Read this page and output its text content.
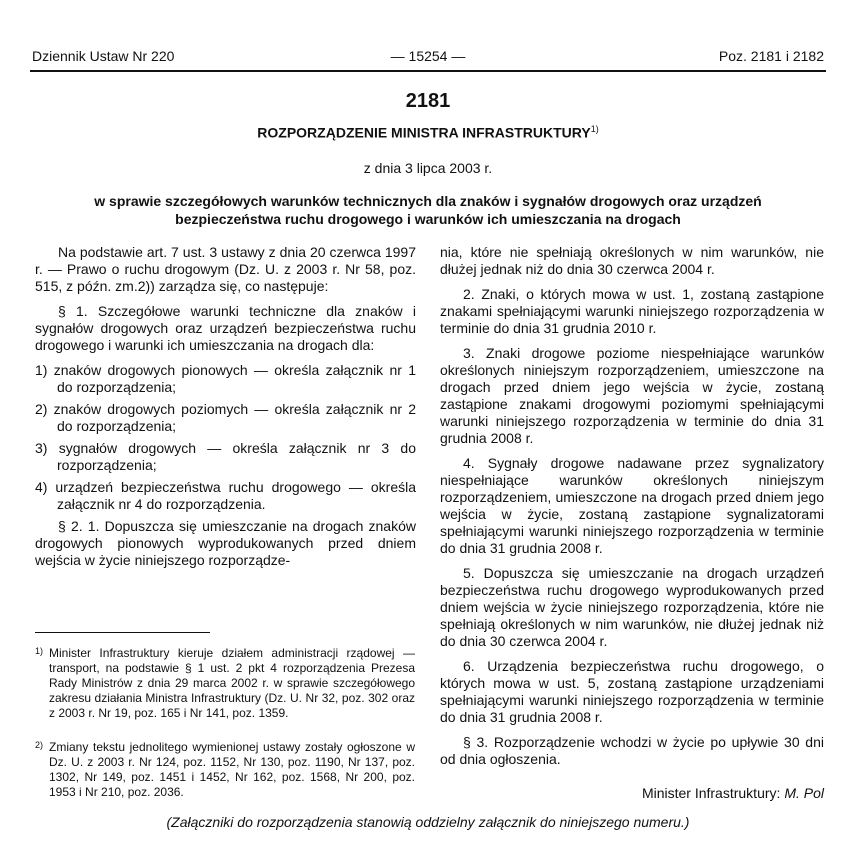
Dziennik Ustaw Nr 220	— 15254 —	Poz. 2181 i 2182
2181
ROZPORZĄDZENIE MINISTRA INFRASTRUKTURY$^{1)}$
z dnia 3 lipca 2003 r.
w sprawie szczegółowych warunków technicznych dla znaków i sygnałów drogowych oraz urządzeń bezpieczeństwa ruchu drogowego i warunków ich umieszczania na drogach

Na podstawie art. 7 ust. 3 ustawy z dnia 20 czerwca 1997 r. — Prawo o ruchu drogowym (Dz. U. z 2003 r. Nr 58, poz. 515, z późn. zm.2)) zarządza się, co następuje:

§ 1. Szczegółowe warunki techniczne dla znaków i sygnałów drogowych oraz urządzeń bezpieczeństwa ruchu drogowego i warunki ich umieszczania na drogach dla:

1) znaków drogowych pionowych — określa załącznik nr 1 do rozporządzenia;

2) znaków drogowych poziomych — określa załącznik nr 2 do rozporządzenia;

3) sygnałów drogowych — określa załącznik nr 3 do rozporządzenia;

4) urządzeń bezpieczeństwa ruchu drogowego — określa załącznik nr 4 do rozporządzenia.

§ 2. 1. Dopuszcza się umieszczanie na drogach znaków drogowych pionowych wyprodukowanych przed dniem wejścia w życie niniejszego rozporządze-

nia, które nie spełniają określonych w nim warunków, nie dłużej jednak niż do dnia 30 czerwca 2004 r.

2. Znaki, o których mowa w ust. 1, zostaną zastąpione znakami spełniającymi warunki niniejszego rozporządzenia w terminie do dnia 31 grudnia 2010 r.

3. Znaki drogowe poziome niespełniające warunków określonych niniejszym rozporządzeniem, umieszczone na drogach przed dniem jego wejścia w życie, zostaną zastąpione znakami drogowymi poziomymi spełniającymi warunki niniejszego rozporządzenia w terminie do dnia 31 grudnia 2008 r.

4. Sygnały drogowe nadawane przez sygnalizatory niespełniające warunków określonych niniejszym rozporządzeniem, umieszczone na drogach przed dniem jego wejścia w życie, zostaną zastąpione sygnalizatorami spełniającymi warunki niniejszego rozporządzenia w terminie do dnia 31 grudnia 2008 r.

5. Dopuszcza się umieszczanie na drogach urządzeń bezpieczeństwa ruchu drogowego wyprodukowanych przed dniem wejścia w życie niniejszego rozporządzenia, które nie spełniają określonych w nim warunków, nie dłużej jednak niż do dnia 30 czerwca 2004 r.

6. Urządzenia bezpieczeństwa ruchu drogowego, o których mowa w ust. 5, zostaną zastąpione urządzeniami spełniającymi warunki niniejszego rozporządzenia w terminie do dnia 31 grudnia 2008 r.

§ 3. Rozporządzenie wchodzi w życie po upływie 30 dni od dnia ogłoszenia.

1) Minister Infrastruktury kieruje działem administracji rządowej — transport, na podstawie § 1 ust. 2 pkt 4 rozporządzenia Prezesa Rady Ministrów z dnia 29 marca 2002 r. w sprawie szczegółowego zakresu działania Ministra Infrastruktury (Dz. U. Nr 32, poz. 302 oraz z 2003 r. Nr 19, poz. 165 i Nr 141, poz. 1359.
2) Zmiany tekstu jednolitego wymienionej ustawy zostały ogłoszone w Dz. U. z 2003 r. Nr 124, poz. 1152, Nr 130, poz. 1190, Nr 137, poz. 1302, Nr 149, poz. 1451 i 1452, Nr 162, poz. 1568, Nr 200, poz. 1953 i Nr 210, poz. 2036.	Minister Infrastruktury: M. Pol
(Załączniki do rozporządzenia stanowią oddzielny załącznik do niniejszego numeru.)
